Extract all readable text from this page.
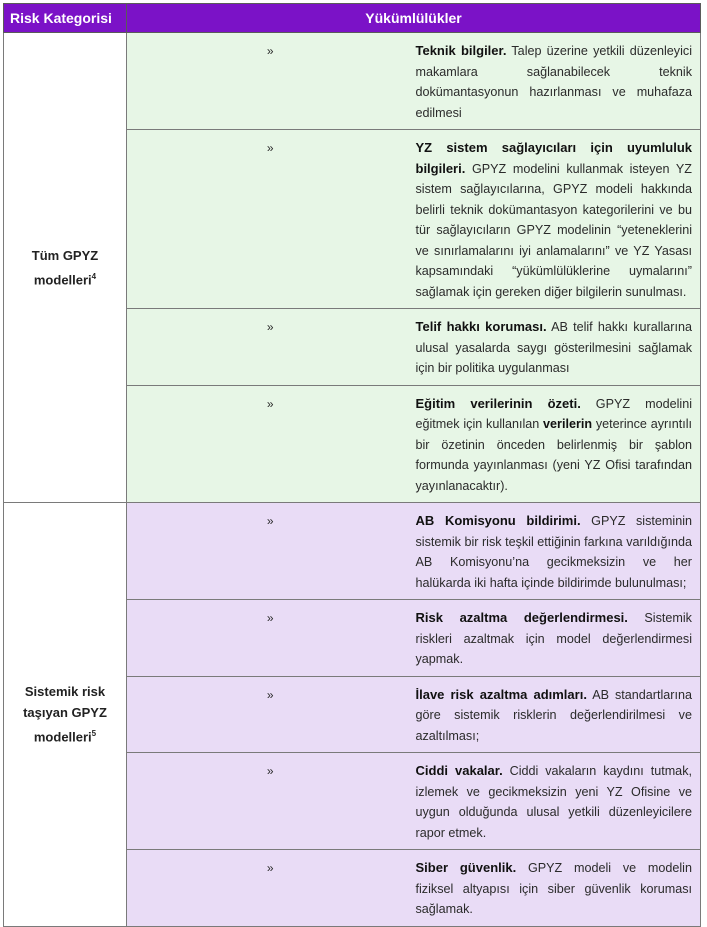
Risk Kategorisi	Yükümlülükler	
Tüm GPYZ modelleri$^4$	»	Teknik bilgiler. Talep üzerine yetkili düzenleyici makamlara sağlanabilecek teknik dokümantasyonun hazırlanması ve muhafaza edilmesi
	»	YZ sistem sağlayıcıları için uyumluluk bilgileri. GPYZ modelini kullanmak isteyen YZ sistem sağlayıcılarına, GPYZ modeli hakkında belirli teknik dokümantasyon kategorilerini ve bu tür sağlayıcıların GPYZ modelinin “yeteneklerini ve sınırlamalarını iyi anlamalarını” ve YZ Yasası kapsamındaki “yükümlülüklerine uymalarını” sağlamak için gereken diğer bilgilerin sunulması.
	»	Telif hakkı koruması. AB telif hakkı kurallarına ulusal yasalarda saygı gösterilmesini sağlamak için bir politika uygulanması
	»	Eğitim verilerinin özeti. GPYZ modelini eğitmek için kullanılan verilerin yeterince ayrıntılı bir özetinin önceden belirlenmiş bir şablon formunda yayınlanması (yeni YZ Ofisi tarafından yayınlanacaktır).
Sistemik risk taşıyan GPYZ modelleri$^5$	»	AB Komisyonu bildirimi. GPYZ sisteminin sistemik bir risk teşkil ettiğinin farkına varıldığında AB Komisyonu’na gecikmeksizin ve her halükarda iki hafta içinde bildirimde bulunulması;
	»	Risk azaltma değerlendirmesi. Sistemik riskleri azaltmak için model değerlendirmesi yapmak.
	»	İlave risk azaltma adımları. AB standartlarına göre sistemik risklerin değerlendirilmesi ve azaltılması;
	»	Ciddi vakalar. Ciddi vakaların kaydını tutmak, izlemek ve gecikmeksizin yeni YZ Ofisine ve uygun olduğunda ulusal yetkili düzenleyicilere rapor etmek.
	»	Siber güvenlik. GPYZ modeli ve modelin fiziksel altyapısı için siber güvenlik koruması sağlamak.
